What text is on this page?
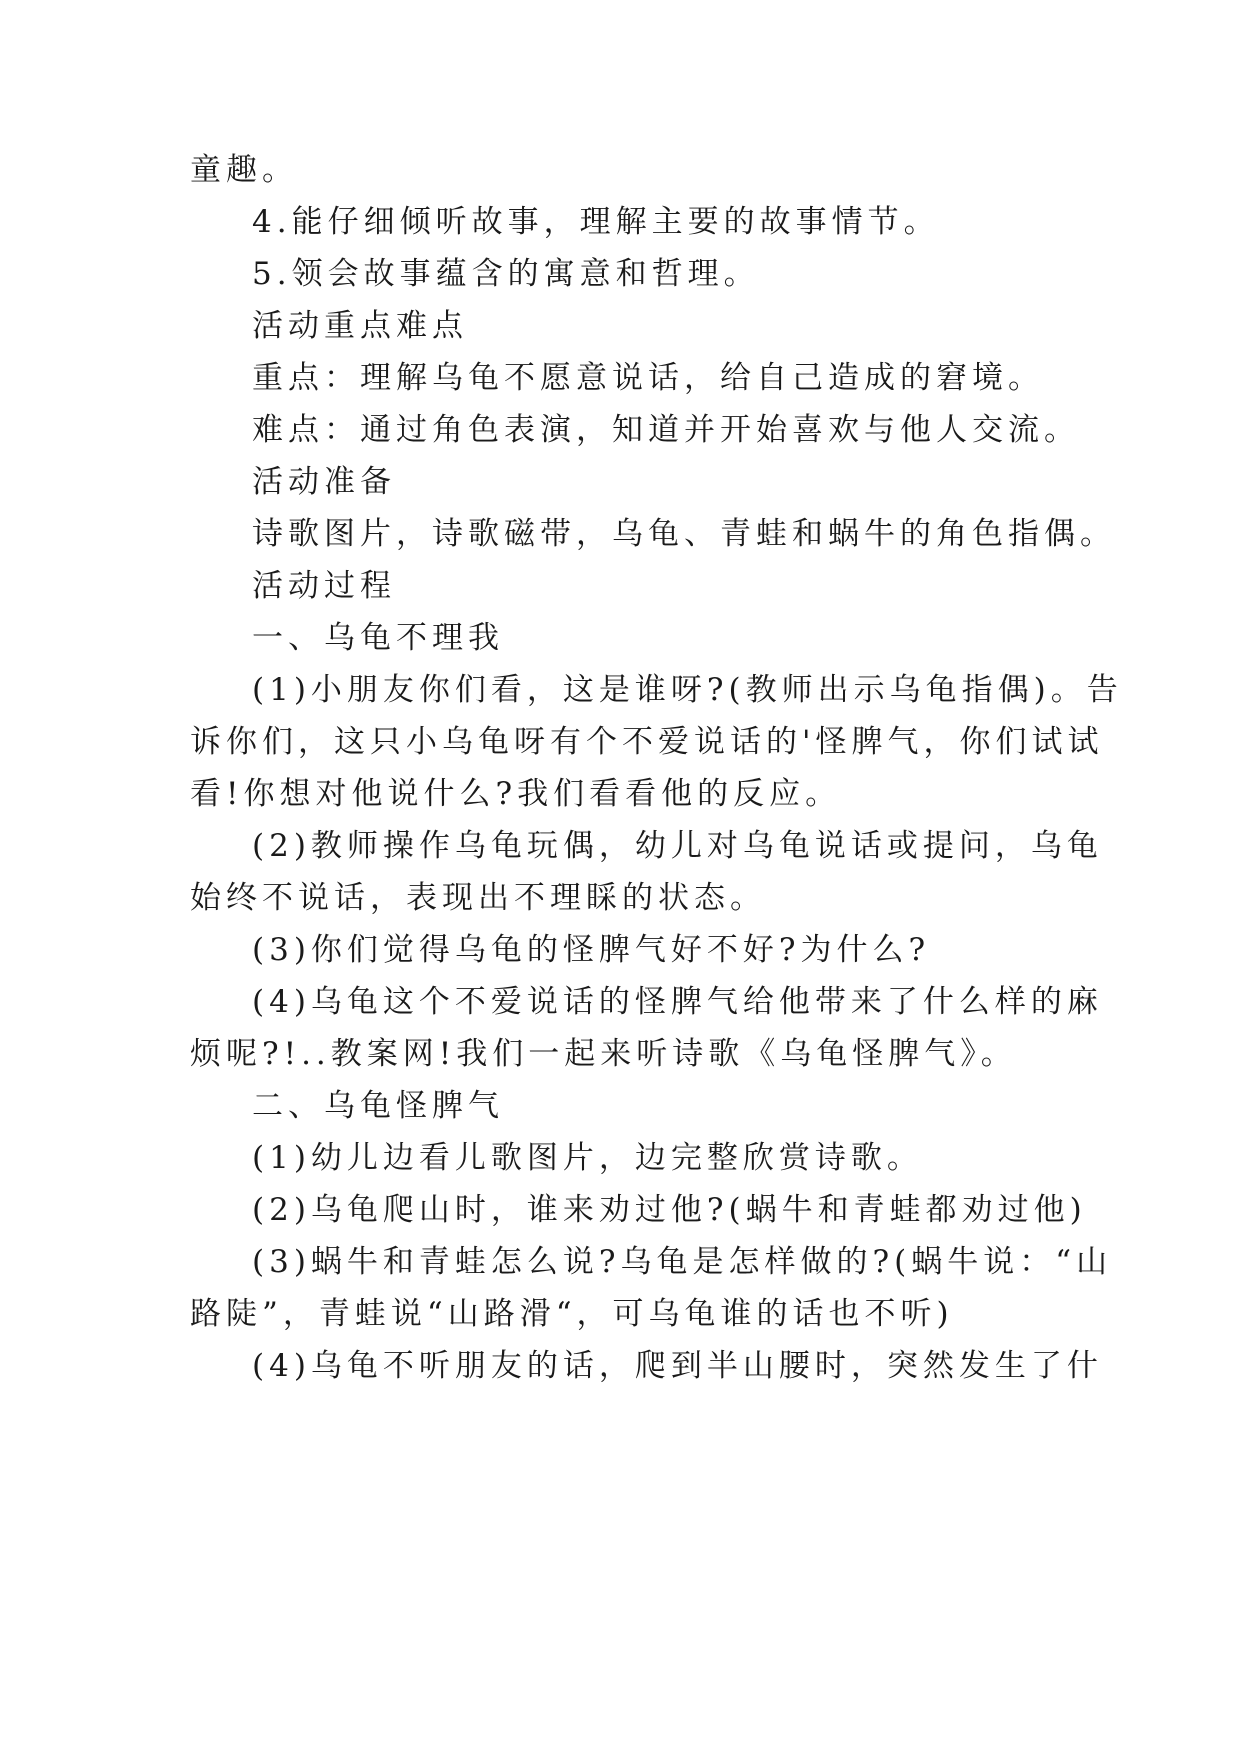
童趣。
4.能仔细倾听故事，理解主要的故事情节。
5.领会故事蕴含的寓意和哲理。
活动重点难点
重点：理解乌龟不愿意说话，给自己造成的窘境。
难点：通过角色表演，知道并开始喜欢与他人交流。
活动准备
诗歌图片，诗歌磁带，乌龟、青蛙和蜗牛的角色指偶。
活动过程
一、乌龟不理我
(1)小朋友你们看，这是谁呀?(教师出示乌龟指偶)。告
诉你们，这只小乌龟呀有个不爱说话的'怪脾气，你们试试
看!你想对他说什么?我们看看他的反应。
(2)教师操作乌龟玩偶，幼儿对乌龟说话或提问，乌龟
始终不说话，表现出不理睬的状态。
(3)你们觉得乌龟的怪脾气好不好?为什么?
(4)乌龟这个不爱说话的怪脾气给他带来了什么样的麻
烦呢?!..教案网!我们一起来听诗歌《乌龟怪脾气》。
二、乌龟怪脾气
(1)幼儿边看儿歌图片，边完整欣赏诗歌。
(2)乌龟爬山时，谁来劝过他?(蜗牛和青蛙都劝过他)
(3)蜗牛和青蛙怎么说?乌龟是怎样做的?(蜗牛说：“山
路陡”，青蛙说“山路滑“，可乌龟谁的话也不听)
(4)乌龟不听朋友的话，爬到半山腰时，突然发生了什
